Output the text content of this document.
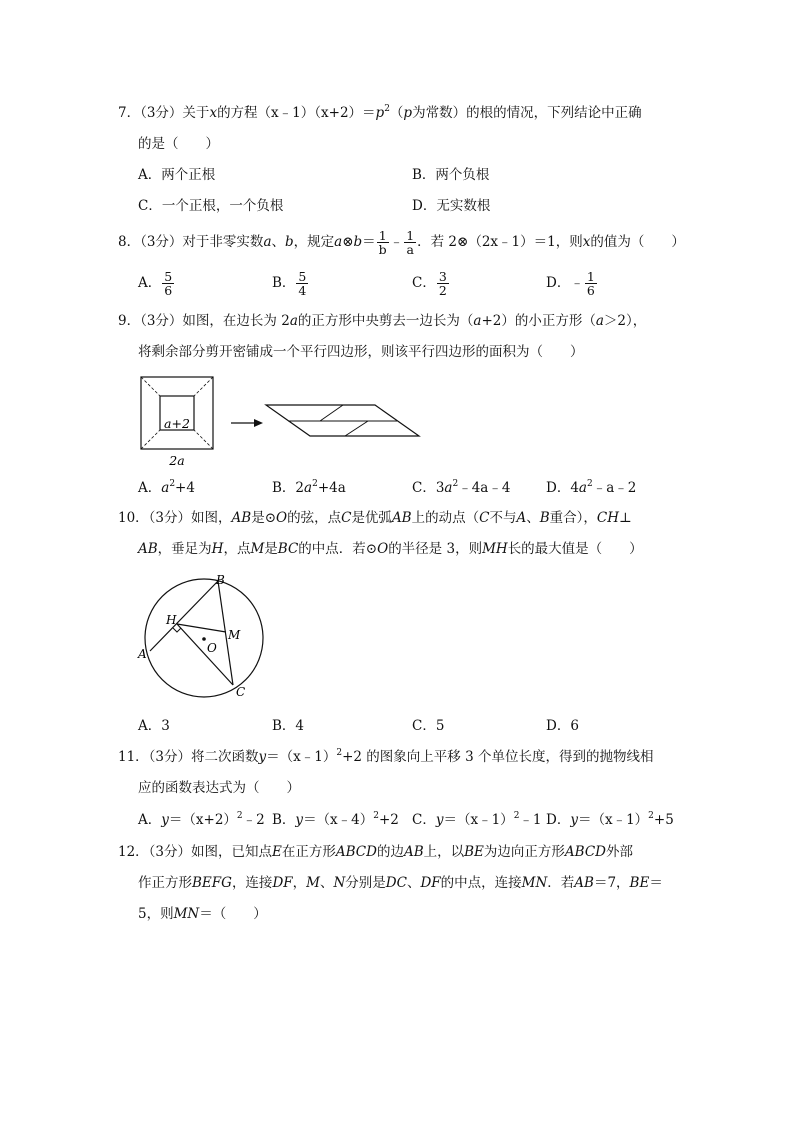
7．（3分）关于x的方程$(x﹣1)(x+2)=p^2(p$为常数）的根的情况，下列结论中正确
的是（　　）
A．两个正根	B．两个负根
C．一个正根，一个负根	D．无实数根
8．（3分）对于非零实数a、b，规定a⊗b＝ $\frac{1}{b}$ ﹣ $\frac{1}{a}$ ．若 2⊗（2x﹣1）＝1，则x的值为（　　）
A． $\frac{5}{6}$	B． $\frac{5}{4}$	C． $\frac{3}{2}$	D．﹣ $\frac{1}{6}$
9．（3分）如图，在边长为 2a的正方形中央剪去一边长为（a+2）的小正方形（a＞2），
将剩余部分剪开密铺成一个平行四边形，则该平行四边形的面积为（　　）
a+2
2a
A．$a^2+4$	B．$2a^2+4a$	C．$3a^2﹣4a﹣4$	D．$4a^2﹣a﹣2$
10．（3分）如图，AB是⊙O的弦，点C是优弧AB上的动点（C不与A、B重合），CH⊥
AB，垂足为H，点M是BC的中点．若⊙O的半径是 3，则MH长的最大值是（　　）
B
H
M
O
A
C
A．3	B．4	C．5	D．6
11．（3分）将二次函数y＝（x﹣1）$^2$+2 的图象向上平移 3 个单位长度，得到的抛物线相
应的函数表达式为（　　）
A．$y=(x+2)^2﹣2$ B．y＝（x﹣4）$^2$+2 C．y＝（x﹣1）$^2$﹣1 D．y＝（x﹣1）$^2$+5
12．（3分）如图，已知点E在正方形ABCD的边AB上，以BE为边向正方形ABCD外部
作正方形BEFG，连接DF，M、N分别是DC、DF的中点，连接MN．若AB＝7，BE＝
5，则MN＝（　　）
